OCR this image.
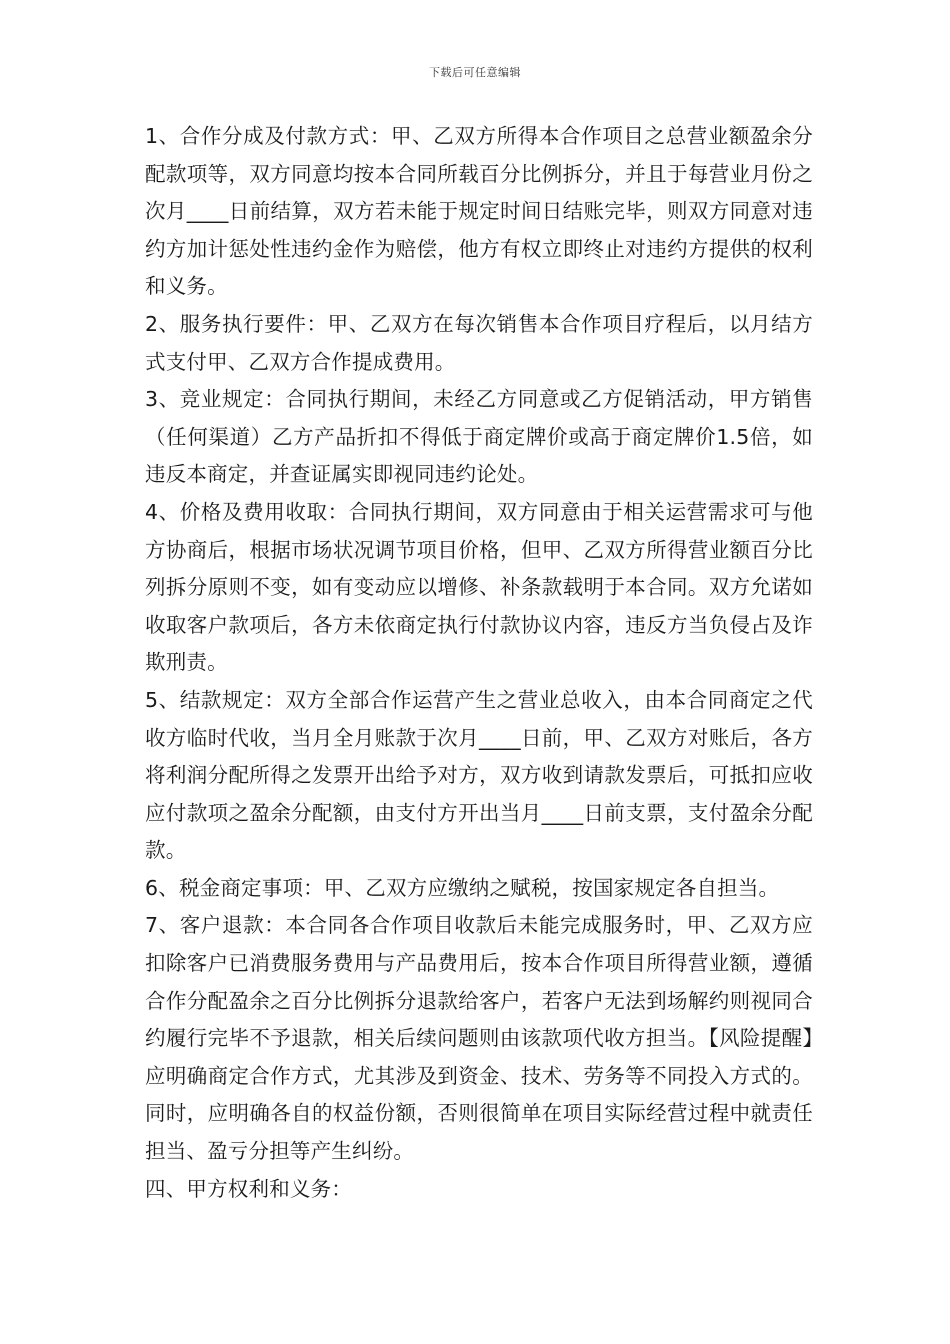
下载后可任意编辑

1、合作分成及付款方式：甲、乙双方所得本合作项目之总营业额盈余分配款项等，双方同意均按本合同所载百分比例拆分，并且于每营业月份之次月____日前结算，双方若未能于规定时间日结账完毕，则双方同意对违约方加计惩处性违约金作为赔偿，他方有权立即终止对违约方提供的权利和义务。

2、服务执行要件：甲、乙双方在每次销售本合作项目疗程后，以月结方式支付甲、乙双方合作提成费用。

3、竞业规定：合同执行期间，未经乙方同意或乙方促销活动，甲方销售（任何渠道）乙方产品折扣不得低于商定牌价或高于商定牌价1.5倍，如违反本商定，并查证属实即视同违约论处。

4、价格及费用收取：合同执行期间，双方同意由于相关运营需求可与他方协商后，根据市场状况调节项目价格，但甲、乙双方所得营业额百分比列拆分原则不变，如有变动应以增修、补条款载明于本合同。双方允诺如收取客户款项后，各方未依商定执行付款协议内容，违反方当负侵占及诈欺刑责。

5、结款规定：双方全部合作运营产生之营业总收入，由本合同商定之代收方临时代收，当月全月账款于次月____日前，甲、乙双方对账后，各方将利润分配所得之发票开出给予对方，双方收到请款发票后，可抵扣应收应付款项之盈余分配额，由支付方开出当月____日前支票，支付盈余分配款。

6、税金商定事项：甲、乙双方应缴纳之赋税，按国家规定各自担当。

7、客户退款：本合同各合作项目收款后未能完成服务时，甲、乙双方应扣除客户已消费服务费用与产品费用后，按本合作项目所得营业额，遵循合作分配盈余之百分比例拆分退款给客户，若客户无法到场解约则视同合约履行完毕不予退款，相关后续问题则由该款项代收方担当。【风险提醒】应明确商定合作方式，尤其涉及到资金、技术、劳务等不同投入方式的。同时，应明确各自的权益份额，否则很简单在项目实际经营过程中就责任担当、盈亏分担等产生纠纷。

四、甲方权利和义务：
